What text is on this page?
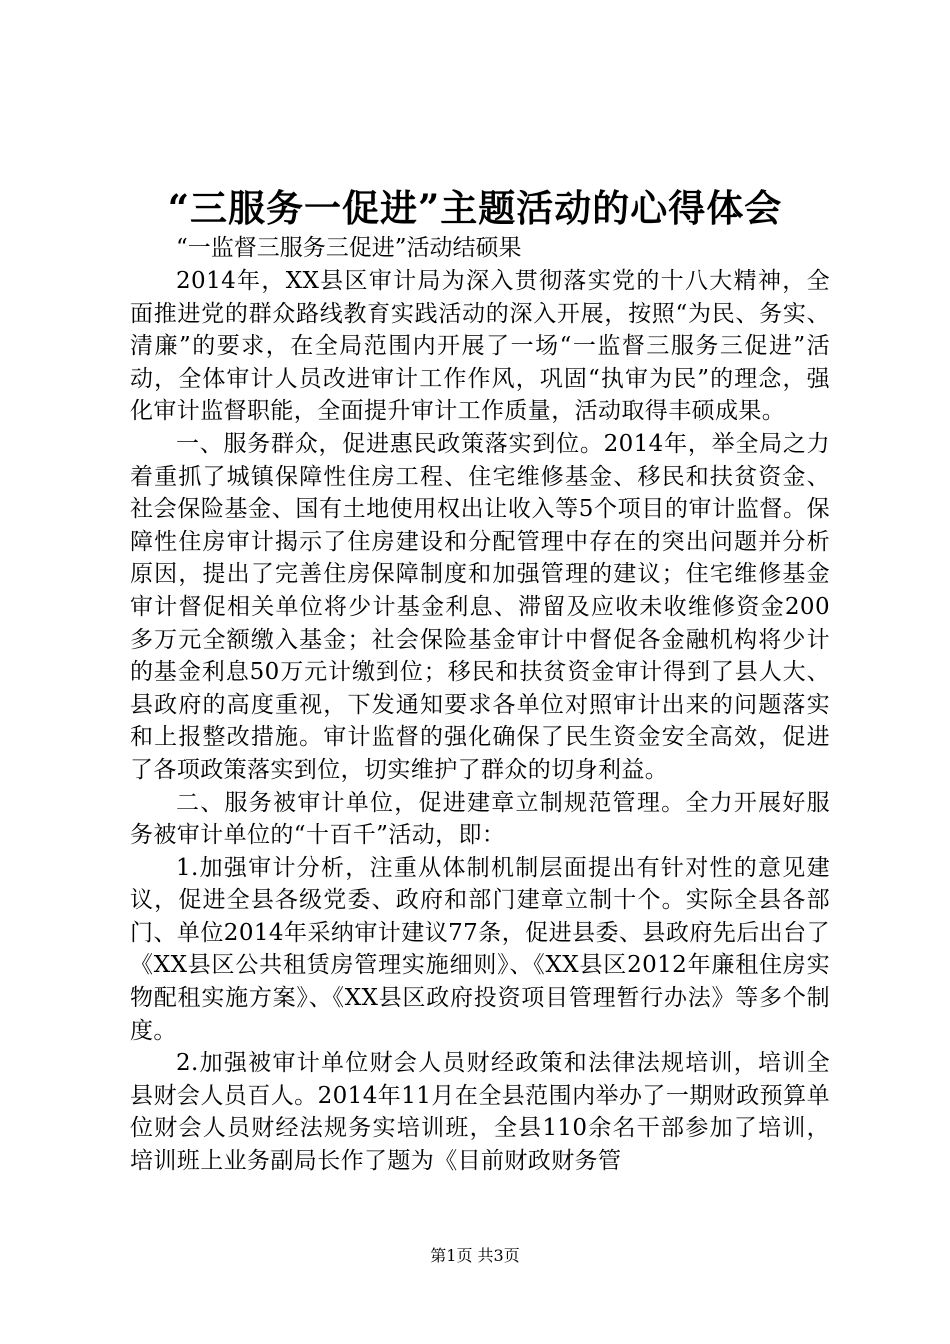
“三服务一促进”主题活动的心得体会

“一监督三服务三促进”活动结硕果

2014年，XX县区审计局为深入贯彻落实党的十八大精神，全面推进党的群众路线教育实践活动的深入开展，按照“为民、务实、清廉”的要求，在全局范围内开展了一场“一监督三服务三促进”活动，全体审计人员改进审计工作作风，巩固“执审为民”的理念，强化审计监督职能，全面提升审计工作质量，活动取得丰硕成果。

一、服务群众，促进惠民政策落实到位。2014年，举全局之力着重抓了城镇保障性住房工程、住宅维修基金、移民和扶贫资金、社会保险基金、国有土地使用权出让收入等5个项目的审计监督。保障性住房审计揭示了住房建设和分配管理中存在的突出问题并分析原因，提出了完善住房保障制度和加强管理的建议；住宅维修基金审计督促相关单位将少计基金利息、滞留及应收未收维修资金200多万元全额缴入基金；社会保险基金审计中督促各金融机构将少计的基金利息50万元计缴到位；移民和扶贫资金审计得到了县人大、县政府的高度重视，下发通知要求各单位对照审计出来的问题落实和上报整改措施。审计监督的强化确保了民生资金安全高效，促进了各项政策落实到位，切实维护了群众的切身利益。

二、服务被审计单位，促进建章立制规范管理。全力开展好服务被审计单位的“十百千”活动，即：

1.加强审计分析，注重从体制机制层面提出有针对性的意见建议，促进全县各级党委、政府和部门建章立制十个。实际全县各部门、单位2014年采纳审计建议77条，促进县委、县政府先后出台了《XX县区公共租赁房管理实施细则》、《XX县区2012年廉租住房实物配租实施方案》、《XX县区政府投资项目管理暂行办法》等多个制度。

2.加强被审计单位财会人员财经政策和法律法规培训，培训全县财会人员百人。2014年11月在全县范围内举办了一期财政预算单位财会人员财经法规务实培训班，全县110余名干部参加了培训，培训班上业务副局长作了题为《目前财政财务管

第1页 共3页
